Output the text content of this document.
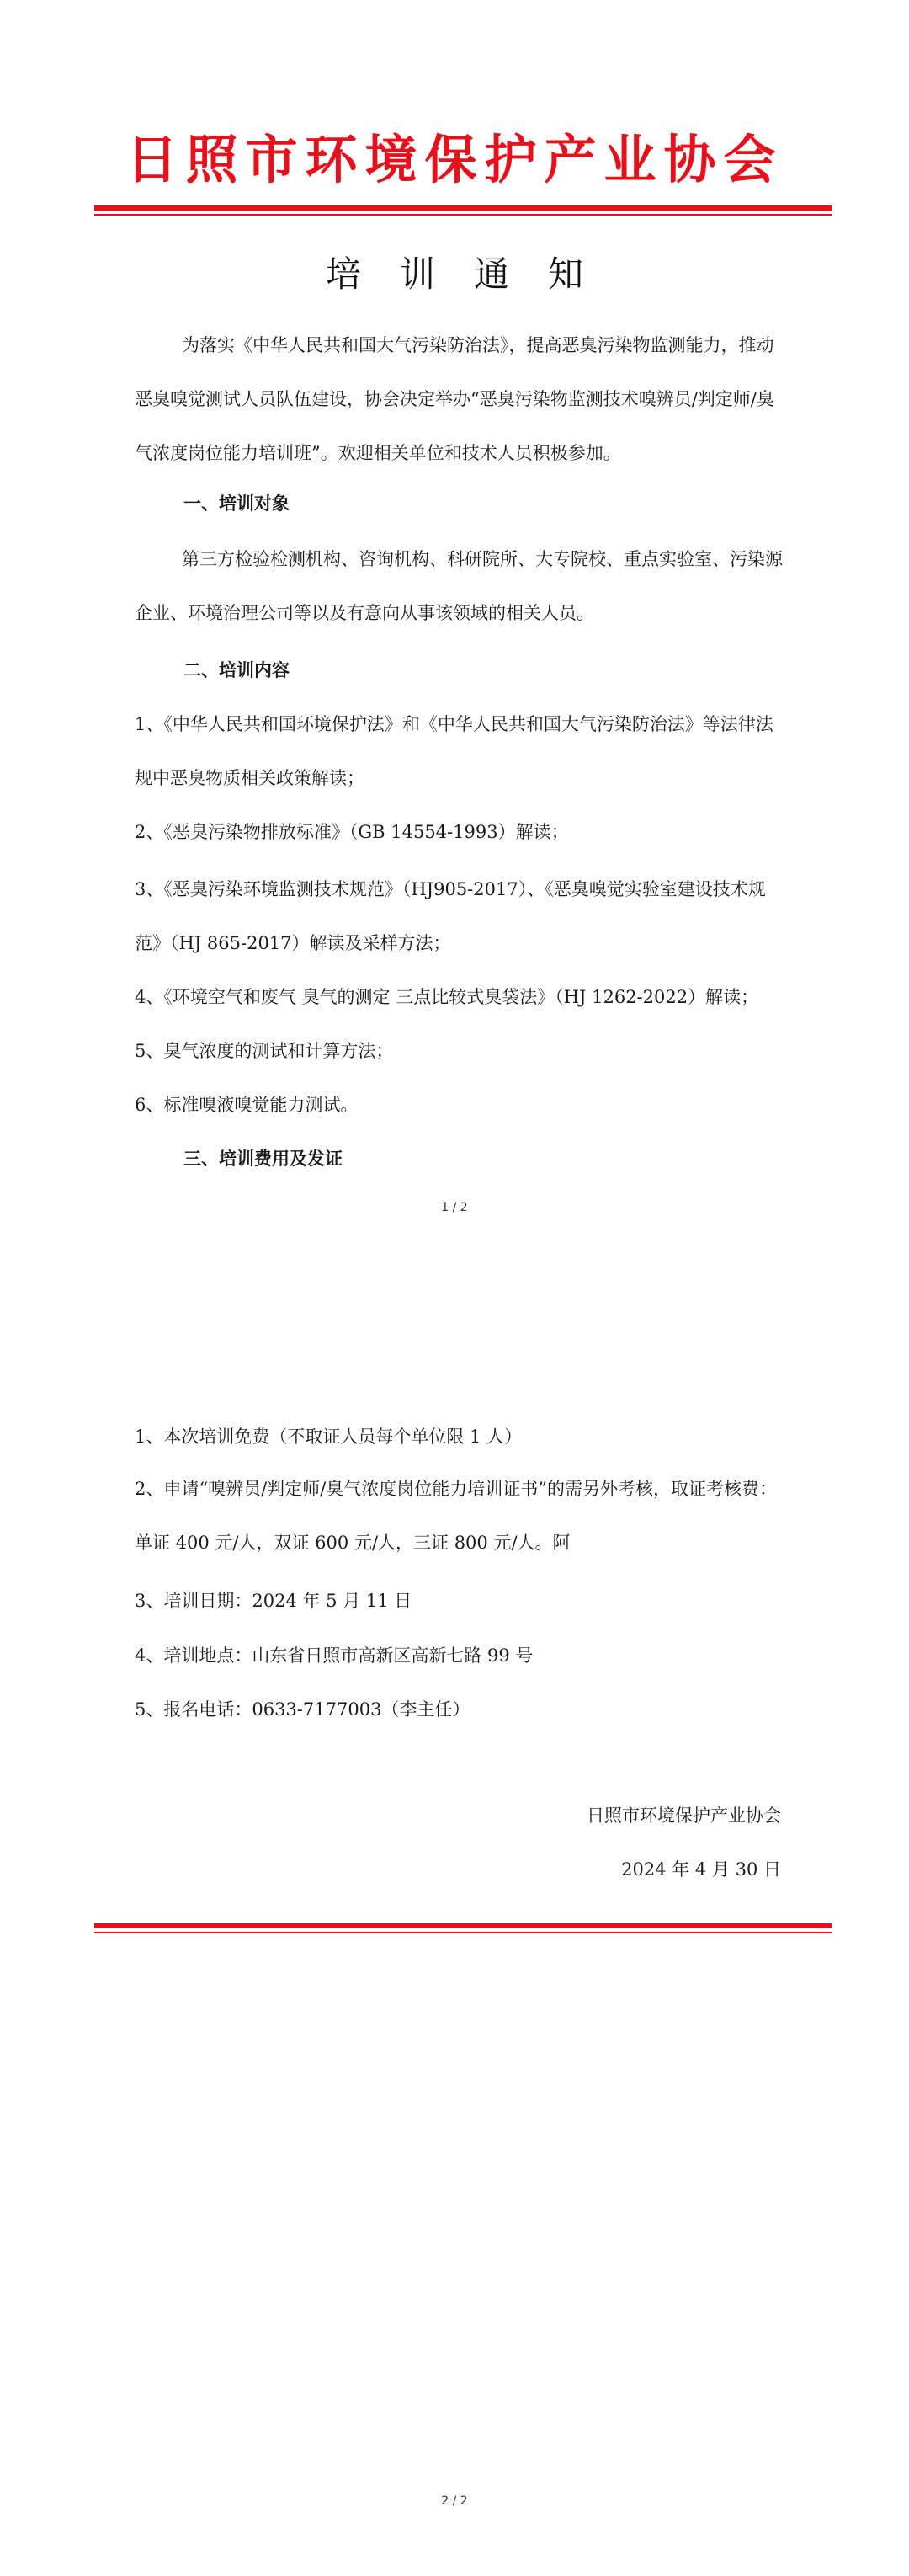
日照市环境保护产业协会
培训通知
为落实《中华人民共和国大气污染防治法》，提高恶臭污染物监测能力，推动恶臭嗅觉测试人员队伍建设，协会决定举办“恶臭污染物监测技术嗅辨员/判定师/臭气浓度岗位能力培训班”。欢迎相关单位和技术人员积极参加。
一、培训对象
第三方检验检测机构、咨询机构、科研院所、大专院校、重点实验室、污染源企业、环境治理公司等以及有意向从事该领域的相关人员。
二、培训内容
1、《中华人民共和国环境保护法》和《中华人民共和国大气污染防治法》等法律法规中恶臭物质相关政策解读；
2、《恶臭污染物排放标准》（GB 14554-1993）解读；
3、《恶臭污染环境监测技术规范》（HJ905-2017）、《恶臭嗅觉实验室建设技术规范》（HJ 865-2017）解读及采样方法；
4、《环境空气和废气 臭气的测定 三点比较式臭袋法》（HJ 1262-2022）解读；
5、臭气浓度的测试和计算方法；
6、标准嗅液嗅觉能力测试。
三、培训费用及发证
1 / 2
1、本次培训免费（不取证人员每个单位限 1 人）
2、申请“嗅辨员/判定师/臭气浓度岗位能力培训证书”的需另外考核，取证考核费：单证 400 元/人，双证 600 元/人，三证 800 元/人。阿
3、培训日期：2024 年 5 月 11 日
4、培训地点：山东省日照市高新区高新七路 99 号
5、报名电话：0633-7177003（李主任）
日照市环境保护产业协会
2024 年 4 月 30 日
2 / 2
